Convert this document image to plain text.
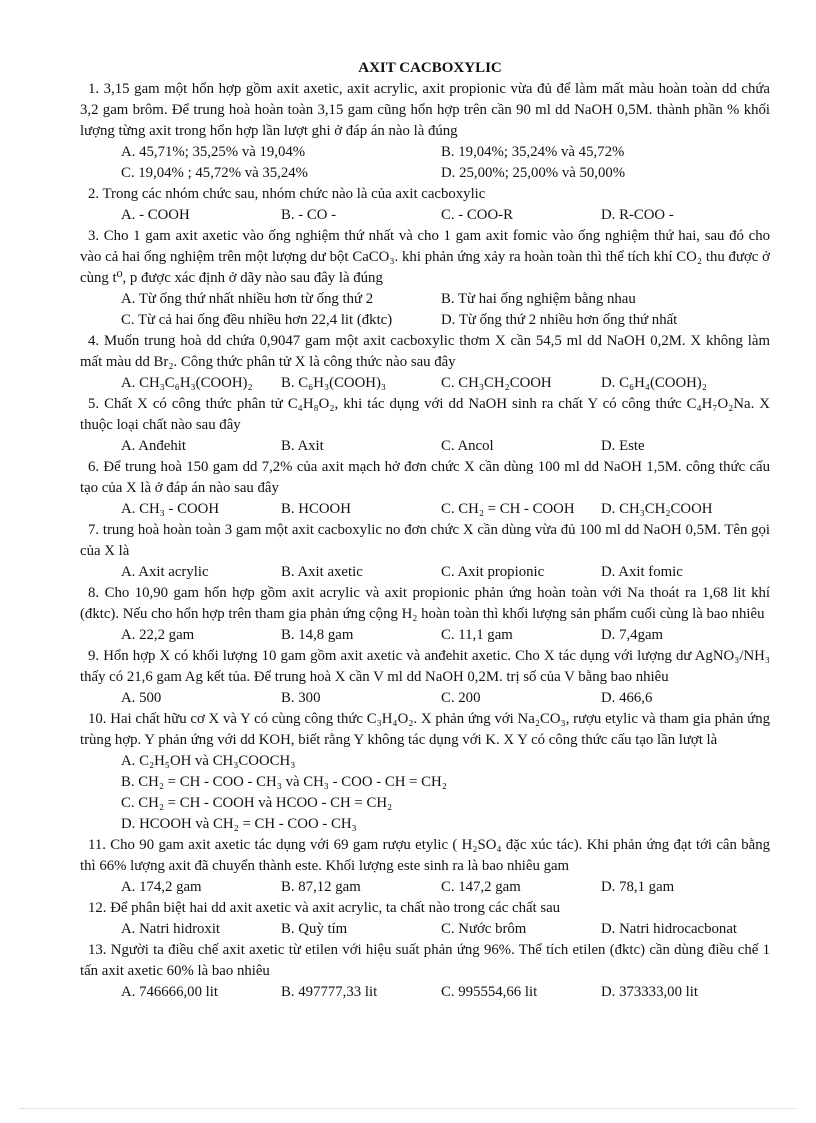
AXIT CACBOXYLIC
1. 3,15 gam một hổn hợp gồm axit axetic, axit acrylic, axit propionic vừa đủ để làm mất màu hoàn toàn dd chứa 3,2 gam brôm. Để trung hoà hoàn toàn 3,15 gam cũng hổn hợp trên cần 90 ml dd NaOH 0,5M. thành phần % khối lượng từng axit trong hổn hợp lần lượt ghi ở đáp án nào là đúng
A. 45,71%; 35,25% và 19,04%	B. 19,04%; 35,24% và 45,72%
C. 19,04% ; 45,72% và 35,24%	D. 25,00%; 25,00% và 50,00%
2. Trong các nhóm chức sau, nhóm chức nào là của axit cacboxylic
A. - COOH	B. - CO -	C. - COO-R	D. R-COO -
3. Cho 1 gam axit axetic vào ống nghiệm thứ nhất và cho 1 gam axit fomic vào ống nghiệm thứ hai, sau đó cho vào cả hai ống nghiệm trên một lượng dư bột CaCO₃. khi phản ứng xảy ra hoàn toàn thì thể tích khí CO₂ thu được ở cùng t⁰, p được xác định ở dãy nào sau đây là đúng
A. Từ ống thứ nhất nhiều hơn từ ống thứ 2	B. Từ hai ống nghiệm bằng nhau
C. Từ cả hai ống đều nhiều hơn 22,4 lit (đktc)	D. Từ ống thứ 2 nhiều hơn ống thứ nhất
4. Muốn trung hoà dd chứa 0,9047 gam một axit cacboxylic thơm X cần 54,5 ml dd NaOH 0,2M. X không làm mất màu dd Br₂. Công thức phân tử X là công thức nào sau đây
A. CH₃C₆H₃(COOH)₂	B. C₆H₃(COOH)₃	C. CH₃CH₂COOH	D. C₆H₄(COOH)₂
5. Chất X có công thức phân tử C₄H₈O₂, khi tác dụng với dd NaOH sinh ra chất Y có công thức C₄H₇O₂Na. X thuộc loại chất nào sau đây
A. Anđehit	B. Axit	C. Ancol	D. Este
6. Để trung hoà 150 gam dd 7,2% của axit mạch hở đơn chức X cần dùng 100 ml dd NaOH 1,5M. công thức cấu tạo của X là ở đáp án nào sau đây
A. CH₃ - COOH	B. HCOOH	C. CH₂ = CH - COOH	D. CH₃CH₂COOH
7. trung hoà hoàn toàn 3 gam một axit cacboxylic no đơn chức X cần dùng vừa đủ 100 ml dd NaOH 0,5M. Tên gọi của X là
A. Axit acrylic	B. Axit axetic	C. Axit propionic	D. Axit fomic
8. Cho 10,90 gam hổn hợp gồm axit acrylic và axit propionic phản ứng hoàn toàn với Na thoát ra 1,68 lit khí (đktc). Nếu cho hổn hợp trên tham gia phản ứng cộng H₂ hoàn toàn thì khối lượng sản phẩm cuối cùng là bao nhiêu
A. 22,2 gam	B. 14,8 gam	C. 11,1 gam	D. 7,4gam
9. Hổn hợp X có khối lượng 10 gam gồm axit axetic và anđehit axetic. Cho X tác dụng với lượng dư AgNO₃/NH₃ thấy có 21,6 gam Ag kết tủa. Để trung hoà X cần V ml dd NaOH 0,2M. trị số của V bằng bao nhiêu
A. 500	B. 300	C. 200	D. 466,6
10. Hai chất hữu cơ X và Y có cùng công thức C₃H₄O₂. X phản ứng với Na₂CO₃, rượu etylic và tham gia phản ứng trùng hợp. Y phản ứng với dd KOH, biết rằng Y không tác dụng với K. X Y có công thức cấu tạo lần lượt là
A. C₂H₅OH và CH₃COOCH₃
B. CH₂ = CH - COO - CH₃ và CH₃ - COO - CH = CH₂
C. CH₂ = CH - COOH và HCOO - CH = CH₂
D. HCOOH và CH₂ = CH - COO - CH₃
11. Cho 90 gam axit axetic tác dụng với 69 gam rượu etylic ( H₂SO₄ đặc xúc tác). Khi phản ứng đạt tới cân bằng thì 66% lượng axit đã chuyển thành este. Khối lượng este sinh ra là bao nhiêu gam
A. 174,2 gam	B. 87,12 gam	C. 147,2 gam	D. 78,1 gam
12. Để phân biệt hai dd axit axetic và axit acrylic, ta chất nào trong các chất sau
A. Natri hidroxit	B. Quỳ tím	C. Nước brôm	D. Natri hidrocacbonat
13. Người ta điều chế axit axetic từ etilen với hiệu suất phản ứng 96%. Thể tích etilen (đktc) cần dùng điều chế 1 tấn axit axetic 60% là bao nhiêu
A. 746666,00 lit	B. 497777,33 lit	C. 995554,66 lit	D. 373333,00 lit
